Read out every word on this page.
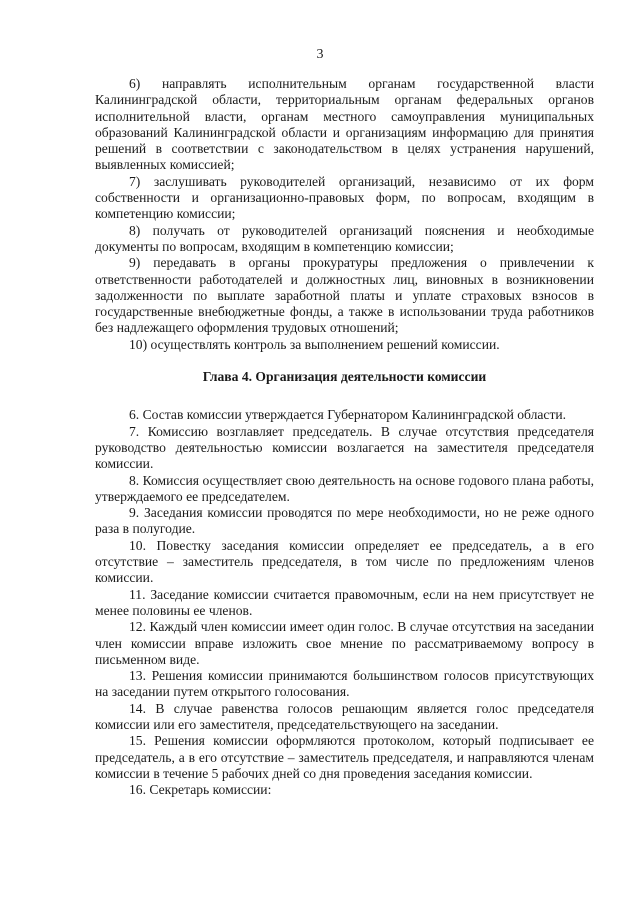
3

6) направлять исполнительным органам государственной власти Калининградской области, территориальным органам федеральных органов исполнительной власти, органам местного самоуправления муниципальных образований Калининградской области и организациям информацию для принятия решений в соответствии с законодательством в целях устранения нарушений, выявленных комиссией;

7) заслушивать руководителей организаций, независимо от их форм собственности и организационно-правовых форм, по вопросам, входящим в компетенцию комиссии;

8) получать от руководителей организаций пояснения и необходимые документы по вопросам, входящим в компетенцию комиссии;

9) передавать в органы прокуратуры предложения о привлечении к ответственности работодателей и должностных лиц, виновных в возникновении задолженности по выплате заработной платы и уплате страховых взносов в государственные внебюджетные фонды, а также в использовании труда работников без надлежащего оформления трудовых отношений;

10) осуществлять контроль за выполнением решений комиссии.

Глава 4. Организация деятельности комиссии

6. Состав комиссии утверждается Губернатором Калининградской области.

7. Комиссию возглавляет председатель. В случае отсутствия председателя руководство деятельностью комиссии возлагается на заместителя председателя комиссии.

8. Комиссия осуществляет свою деятельность на основе годового плана работы, утверждаемого ее председателем.

9. Заседания комиссии проводятся по мере необходимости, но не реже одного раза в полугодие.

10. Повестку заседания комиссии определяет ее председатель, а в его отсутствие – заместитель председателя, в том числе по предложениям членов комиссии.

11. Заседание комиссии считается правомочным, если на нем присутствует не менее половины ее членов.

12. Каждый член комиссии имеет один голос. В случае отсутствия на заседании член комиссии вправе изложить свое мнение по рассматриваемому вопросу в письменном виде.

13. Решения комиссии принимаются большинством голосов присутствующих на заседании путем открытого голосования.

14. В случае равенства голосов решающим является голос председателя комиссии или его заместителя, председательствующего на заседании.

15. Решения комиссии оформляются протоколом, который подписывает ее председатель, а в его отсутствие – заместитель председателя, и направляются членам комиссии в течение 5 рабочих дней со дня проведения заседания комиссии.

16. Секретарь комиссии:
